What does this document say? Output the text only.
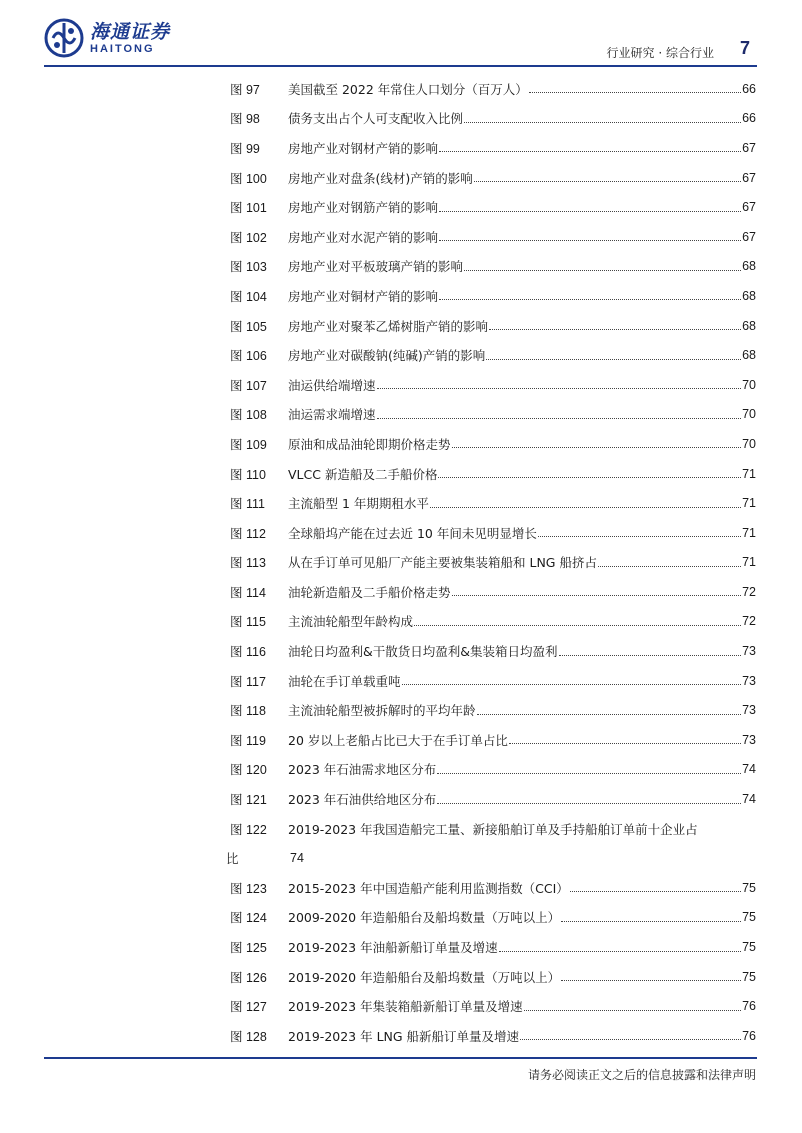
海通证券
HAITONG	行业研究 · 综合行业 7
图 97	美国截至 2022 年常住人口划分（百万人）	66
图 98	债务支出占个人可支配收入比例	66
图 99	房地产业对钢材产销的影响	67
图 100	房地产业对盘条(线材)产销的影响	67
图 101	房地产业对钢筋产销的影响	67
图 102	房地产业对水泥产销的影响	67
图 103	房地产业对平板玻璃产销的影响	68
图 104	房地产业对铜材产销的影响	68
图 105	房地产业对聚苯乙烯树脂产销的影响	68
图 106	房地产业对碳酸钠(纯碱)产销的影响	68
图 107	油运供给端增速	70
图 108	油运需求端增速	70
图 109	原油和成品油轮即期价格走势	70
图 110	VLCC 新造船及二手船价格	71
图 111	主流船型 1 年期期租水平	71
图 112	全球船坞产能在过去近 10 年间未见明显增长	71
图 113	从在手订单可见船厂产能主要被集装箱船和 LNG 船挤占	71
图 114	油轮新造船及二手船价格走势	72
图 115	主流油轮船型年龄构成	72
图 116	油轮日均盈利&干散货日均盈利&集装箱日均盈利	73
图 117	油轮在手订单载重吨	73
图 118	主流油轮船型被拆解时的平均年龄	73
图 119	20 岁以上老船占比已大于在手订单占比	73
图 120	2023 年石油需求地区分布	74
图 121	2023 年石油供给地区分布	74
图 122	2019-2023 年我国造船完工量、新接船舶订单及手持船舶订单前十企业占
比	74
图 123	2015-2023 年中国造船产能利用监测指数（CCI）	75
图 124	2009-2020 年造船船台及船坞数量（万吨以上）	75
图 125	2019-2023 年油船新船订单量及增速	75
图 126	2019-2020 年造船船台及船坞数量（万吨以上）	75
图 127	2019-2023 年集装箱船新船订单量及增速	76
图 128	2019-2023 年 LNG 船新船订单量及增速	76
请务必阅读正文之后的信息披露和法律声明
